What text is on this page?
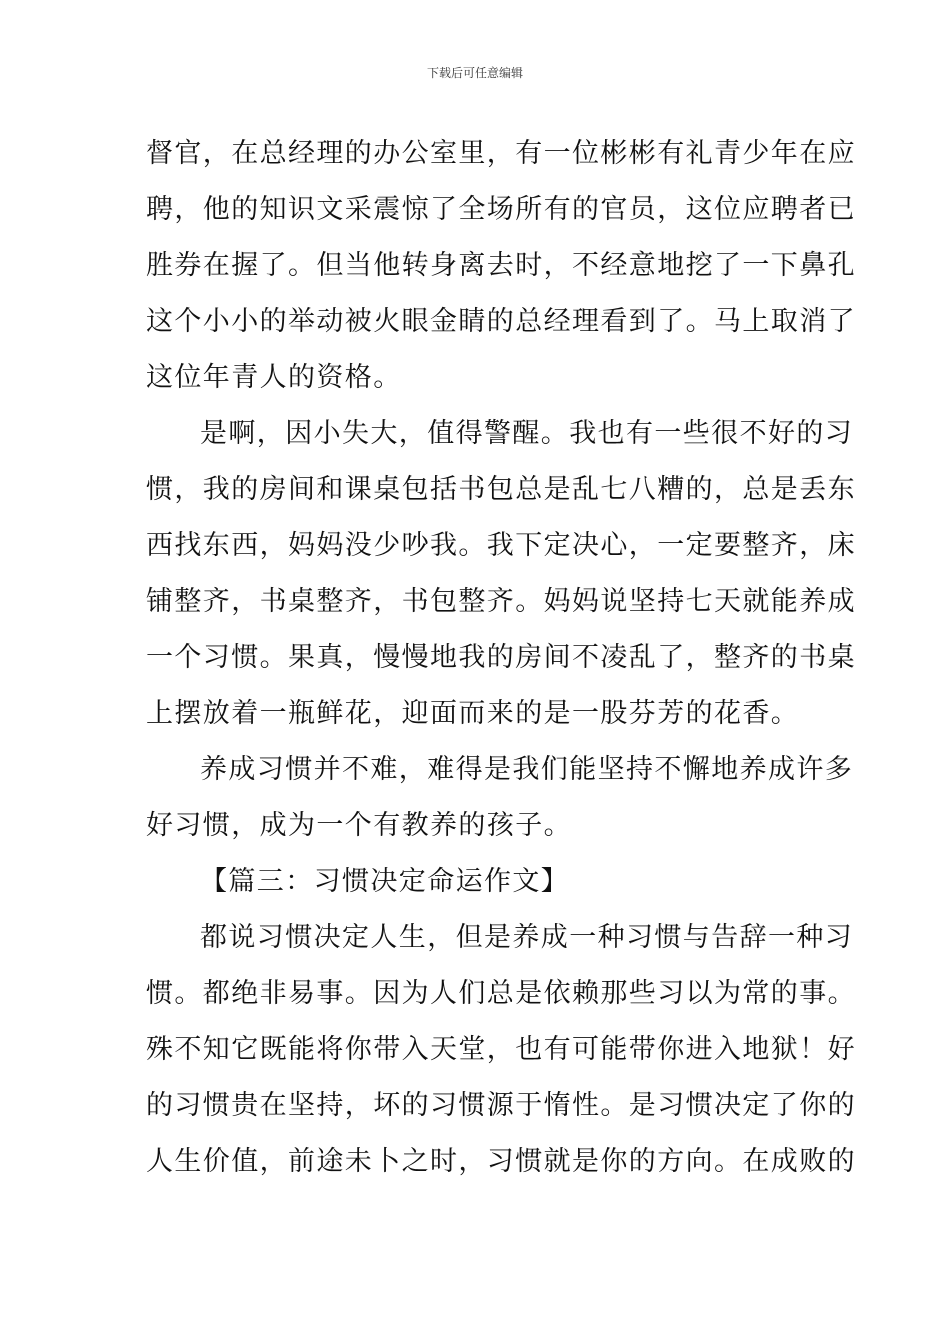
下载后可任意编辑
督官，在总经理的办公室里，有一位彬彬有礼青少年在应
聘，他的知识文采震惊了全场所有的官员，这位应聘者已
胜券在握了。但当他转身离去时，不经意地挖了一下鼻孔
这个小小的举动被火眼金睛的总经理看到了。马上取消了
这位年青人的资格。
是啊，因小失大，值得警醒。我也有一些很不好的习
惯，我的房间和课桌包括书包总是乱七八糟的，总是丢东
西找东西，妈妈没少吵我。我下定决心，一定要整齐，床
铺整齐，书桌整齐，书包整齐。妈妈说坚持七天就能养成
一个习惯。果真，慢慢地我的房间不凌乱了，整齐的书桌
上摆放着一瓶鲜花，迎面而来的是一股芬芳的花香。
养成习惯并不难，难得是我们能坚持不懈地养成许多
好习惯，成为一个有教养的孩子。
【篇三：习惯决定命运作文】
都说习惯决定人生，但是养成一种习惯与告辞一种习
惯。都绝非易事。因为人们总是依赖那些习以为常的事。
殊不知它既能将你带入天堂，也有可能带你进入地狱！好
的习惯贵在坚持，坏的习惯源于惰性。是习惯决定了你的
人生价值，前途未卜之时，习惯就是你的方向。在成败的
